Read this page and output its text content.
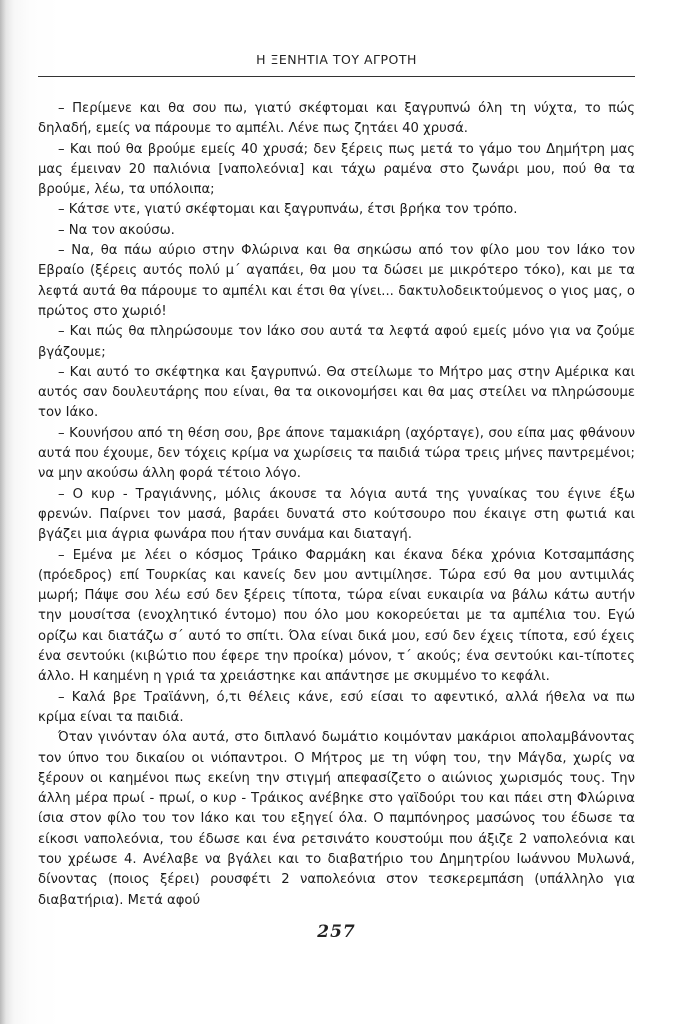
Η ΞΕΝΗΤΙΑ ΤΟΥ ΑΓΡΟΤΗ

– Περίμενε και θα σου πω, γιατύ σκέφτομαι και ξαγρυπνώ όλη τη νύχτα, το πώς δηλαδή, εμείς να πάρουμε το αμπέλι. Λένε πως ζητάει 40 χρυσά.

– Και πού θα βρούμε εμείς 40 χρυσά; δεν ξέρεις πως μετά το γάμο του Δημήτρη μας μας έμειναν 20 παλιόνια [ναπολεόνια] και τάχω ραμένα στο ζωνάρι μου, πού θα τα βρούμε, λέω, τα υπόλοιπα;

– Κάτσε ντε, γιατύ σκέφτομαι και ξαγρυπνάω, έτσι βρήκα τον τρόπο.

– Να τον ακούσω.

– Να, θα πάω αύριο στην Φλώρινα και θα σηκώσω από τον φίλο μου τον Ιάκο τον Εβραίο (ξέρεις αυτός πολύ μ΄ αγαπάει, θα μου τα δώσει με μικρότερο τόκο), και με τα λεφτά αυτά θα πάρουμε το αμπέλι και έτσι θα γίνει... δακτυλοδεικτούμενος ο γιος μας, ο πρώτος στο χωριό!

– Και πώς θα πληρώσουμε τον Ιάκο σου αυτά τα λεφτά αφού εμείς μόνο για να ζούμε βγάζουμε;

– Και αυτό το σκέφτηκα και ξαγρυπνώ. Θα στείλωμε το Μήτρο μας στην Αμέρικα και αυτός σαν δουλευτάρης που είναι, θα τα οικονομήσει και θα μας στείλει να πληρώσουμε τον Ιάκο.

– Κουνήσου από τη θέση σου, βρε άπονε ταμακιάρη (αχόρταγε), σου είπα μας φθάνουν αυτά που έχουμε, δεν τόχεις κρίμα να χωρίσεις τα παιδιά τώρα τρεις μήνες παντρεμένοι; να μην ακούσω άλλη φορά τέτοιο λόγο.

– Ο κυρ - Τραγιάννης, μόλις άκουσε τα λόγια αυτά της γυναίκας του έγινε έξω φρενών. Παίρνει τον μασά, βαράει δυνατά στο κούτσουρο που έκαιγε στη φωτιά και βγάζει μια άγρια φωνάρα που ήταν συνάμα και διαταγή.

– Εμένα με λέει ο κόσμος Τράικο Φαρμάκη και έκανα δέκα χρόνια Κοτσαμπάσης (πρόεδρος) επί Τουρκίας και κανείς δεν μου αντιμίλησε. Τώρα εσύ θα μου αντιμιλάς μωρή; Πάψε σου λέω εσύ δεν ξέρεις τίποτα, τώρα είναι ευκαιρία να βάλω κάτω αυτήν την μουσίτσα (ενοχλητικό έντομο) που όλο μου κοκορεύεται με τα αμπέλια του. Εγώ ορίζω και διατάζω σ΄ αυτό το σπίτι. Όλα είναι δικά μου, εσύ δεν έχεις τίποτα, εσύ έχεις ένα σεντούκι (κιβώτιο που έφερε την προίκα) μόνον, τ΄ ακούς; ένα σεντούκι και-τίποτες άλλο. Η καημένη η γριά τα χρειάστηκε και απάντησε με σκυμμένο το κεφάλι.

– Καλά βρε Τραϊάννη, ό,τι θέλεις κάνε, εσύ είσαι το αφεντικό, αλλά ήθελα να πω κρίμα είναι τα παιδιά.

Όταν γινόνταν όλα αυτά, στο διπλανό δωμάτιο κοιμόνταν μακάριοι απολαμβάνοντας τον ύπνο του δικαίου οι νιόπαντροι. Ο Μήτρος με τη νύφη του, την Μάγδα, χωρίς να ξέρουν οι καημένοι πως εκείνη την στιγμή απεφασίζετο ο αιώνιος χωρισμός τους. Την άλλη μέρα πρωί - πρωί, ο κυρ - Τράικος ανέβηκε στο γαϊδούρι του και πάει στη Φλώρινα ίσια στον φίλο του τον Ιάκο και του εξηγεί όλα. Ο παμπόνηρος μασώνος του έδωσε τα είκοσι ναπολεόνια, του έδωσε και ένα ρετσινάτο κουστούμι που άξιζε 2 ναπολεόνια και του χρέωσε 4. Ανέλαβε να βγάλει και το διαβατήριο του Δημητρίου Ιωάννου Μυλωνά, δίνοντας (ποιος ξέρει) ρουσφέτι 2 ναπολεόνια στον τεσκερεμπάση (υπάλληλο για διαβατήρια). Μετά αφού

257
